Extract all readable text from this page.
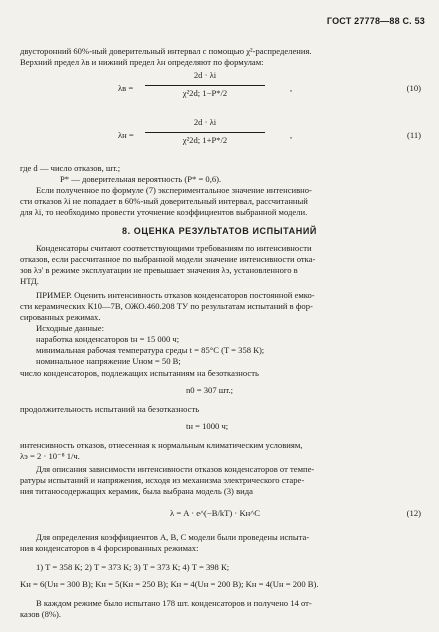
ГОСТ 27778—88 С. 53
двусторонний 60%-ный доверительный интервал с помощью χ²-распределения.
Верхний предел λв и нижний предел λн определяют по формулам:
λв =
2d · λi
χ²2d; 1−P*/2	,	(10)
λн =
2d · λi
χ²2d; 1+P*/2	,	(11)
где d — число отказов, шт.;
P* — доверительная вероятность (P* = 0,6).
Если полученное по формуле (7) экспериментальное значение интенсивно-
сти отказов λi не попадает в 60%-ный доверительный интервал, рассчитанный
для λi, то необходимо провести уточнение коэффициентов выбранной модели.
8. ОЦЕНКА РЕЗУЛЬТАТОВ ИСПЫТАНИЙ
Конденсаторы считают соответствующими требованиям по интенсивности
отказов, если рассчитанное по выбранной модели значение интенсивности отка-
зов λэ' в режиме эксплуатации не превышает значения λэ, установленного в
НТД.
ПРИМЕР. Оценить интенсивность отказов конденсаторов постоянной емко-
сти керамических К10—7В, ОЖО.460.208 ТУ по результатам испытаний в фор-
сированных режимах.
Исходные данные:
наработка конденсаторов tн = 15 000 ч;
минимальная рабочая температура среды t = 85°С (T = 358 К);
номинальное напряжение Uном = 50 В;
число конденсаторов, подлежащих испытаниям на безотказность
n0 = 307 шт.;
продолжительность испытаний на безотказность
tн = 1000 ч;
интенсивность отказов, отнесенная к нормальным климатическим условиям,
λэ = 2 · 10⁻⁸ 1/ч.
Для описания зависимости интенсивности отказов конденсаторов от темпе-
ратуры испытаний и напряжения, исходя из механизма электрического старе-
ния титаносодержащих керамик, была выбрана модель (3) вида
λ = A · e^(−B/kT) · Kн^C	(12)
Для определения коэффициентов A, B, C модели были проведены испыта-
ния конденсаторов в 4 форсированных режимах:
1) T = 358 К; 2) T = 373 К; 3) T = 373 К; 4) T = 398 К;
Kн = 6(Uн = 300 В); Kн = 5(Kн = 250 В); Kн = 4(Uн = 200 В); Kн = 4(Uн = 200 В).
В каждом режиме было испытано 178 шт. конденсаторов и получено 14 от-
казов (8%).
